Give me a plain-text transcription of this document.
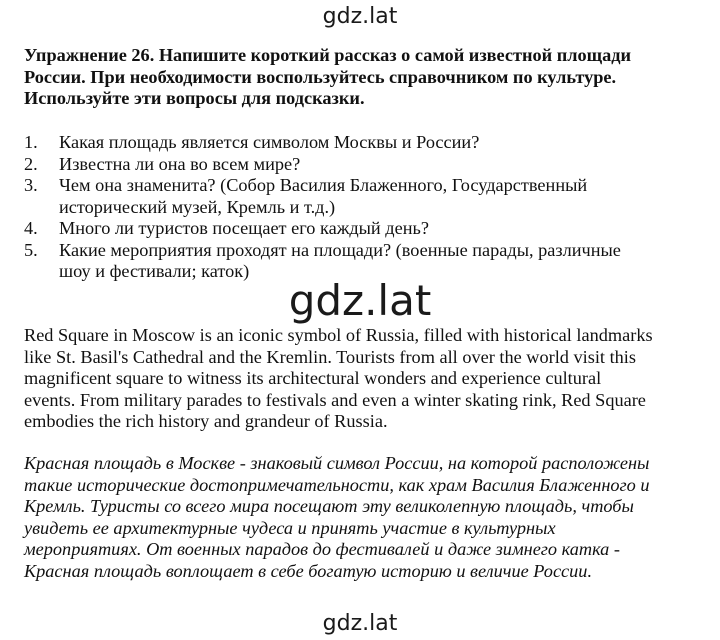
gdz.lat
Упражнение 26. Напишите короткий рассказ о самой известной площади
России. При необходимости воспользуйтесь справочником по культуре.
Используйте эти вопросы для подсказки.
1.	Какая площадь является символом Москвы и России?
2.	Известна ли она во всем мире?
3.	Чем она знаменита? (Собор Василия Блаженного, Государственный
исторический музей, Кремль и т.д.)
4.	Много ли туристов посещает его каждый день?
5.	Какие мероприятия проходят на площади? (военные парады, различные
шоу и фестивали; каток)
gdz.lat
Red Square in Moscow is an iconic symbol of Russia, filled with historical landmarks
like St. Basil's Cathedral and the Kremlin. Tourists from all over the world visit this
magnificent square to witness its architectural wonders and experience cultural
events. From military parades to festivals and even a winter skating rink, Red Square
embodies the rich history and grandeur of Russia.
Красная площадь в Москве - знаковый символ России, на которой расположены
такие исторические достопримечательности, как храм Василия Блаженного и
Кремль. Туристы со всего мира посещают эту великолепную площадь, чтобы
увидеть ее архитектурные чудеса и принять участие в культурных
мероприятиях. От военных парадов до фестивалей и даже зимнего катка -
Красная площадь воплощает в себе богатую историю и величие России.
gdz.lat
